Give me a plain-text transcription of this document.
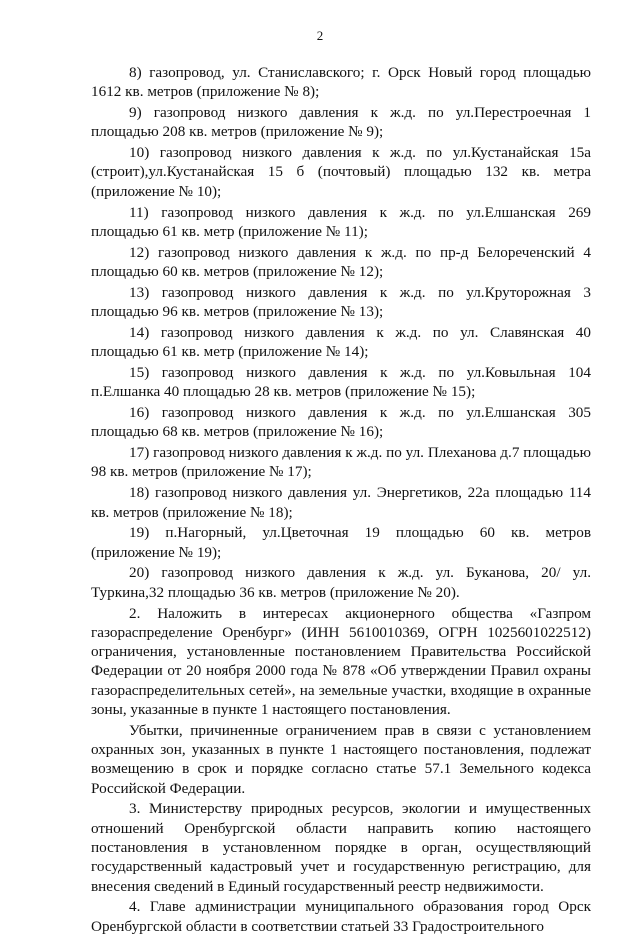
2

8) газопровод, ул. Станиславского; г. Орск Новый город площадью 1612 кв. метров (приложение № 8);

9) газопровод низкого давления к ж.д. по ул.Перестроечная 1 площадью 208 кв. метров (приложение № 9);

10) газопровод низкого давления к ж.д. по ул.Кустанайская 15а (строит),ул.Кустанайская 15 б (почтовый) площадью 132 кв. метра (приложение № 10);

11) газопровод низкого давления к ж.д. по ул.Елшанская 269 площадью 61 кв. метр (приложение № 11);

12) газопровод низкого давления к ж.д. по пр-д Белореченский 4 площадью 60 кв. метров (приложение № 12);

13) газопровод низкого давления к ж.д. по ул.Круторожная 3 площадью 96 кв. метров (приложение № 13);

14) газопровод низкого давления к ж.д. по ул. Славянская 40 площадью 61 кв. метр (приложение № 14);

15) газопровод низкого давления к ж.д. по ул.Ковыльная 104 п.Елшанка 40 площадью 28 кв. метров (приложение № 15);

16) газопровод низкого давления к ж.д. по ул.Елшанская 305 площадью 68 кв. метров (приложение № 16);

17) газопровод низкого давления к ж.д. по ул. Плеханова д.7 площадью 98 кв. метров (приложение № 17);

18) газопровод низкого давления ул. Энергетиков, 22а площадью 114 кв. метров (приложение № 18);

19) п.Нагорный, ул.Цветочная 19 площадью 60 кв. метров (приложение № 19);

20) газопровод низкого давления к ж.д. ул. Буканова, 20/ ул. Туркина,32 площадью 36 кв. метров (приложение № 20).

2. Наложить в интересах акционерного общества «Газпром газораспределение Оренбург» (ИНН 5610010369, ОГРН 1025601022512) ограничения, установленные постановлением Правительства Российской Федерации от 20 ноября 2000 года № 878 «Об утверждении Правил охраны газораспределительных сетей», на земельные участки, входящие в охранные зоны, указанные в пункте 1 настоящего постановления.

Убытки, причиненные ограничением прав в связи с установлением охранных зон, указанных в пункте 1 настоящего постановления, подлежат возмещению в срок и порядке согласно статье 57.1 Земельного кодекса Российской Федерации.

3. Министерству природных ресурсов, экологии и имущественных отношений Оренбургской области направить копию настоящего постановления в установленном порядке в орган, осуществляющий государственный кадастровый учет и государственную регистрацию, для внесения сведений в Единый государственный реестр недвижимости.

4. Главе администрации муниципального образования город Орск Оренбургской области в соответствии статьей 33 Градостроительного
